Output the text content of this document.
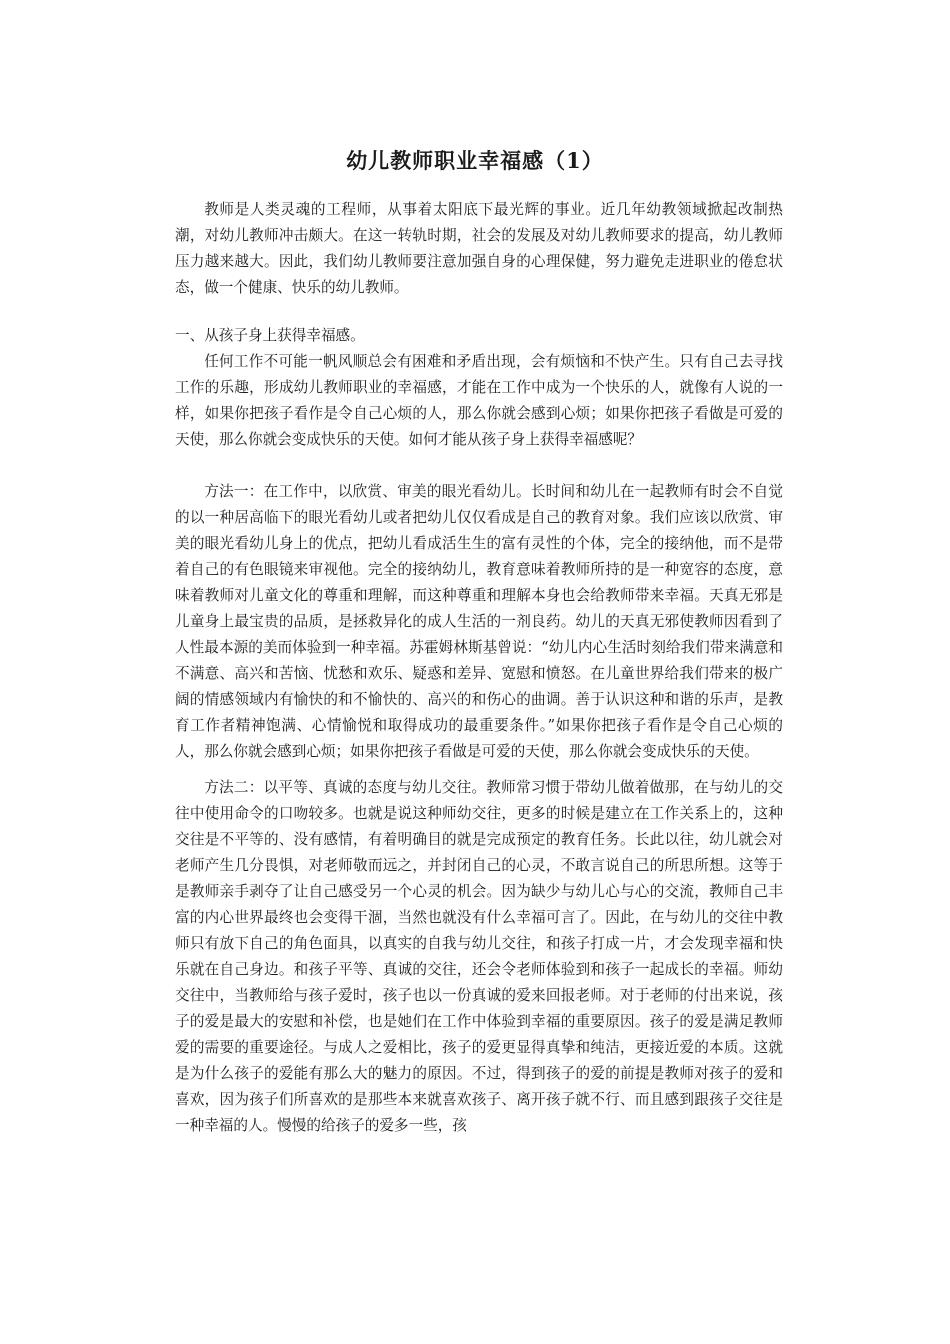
幼儿教师职业幸福感（1）

教师是人类灵魂的工程师，从事着太阳底下最光辉的事业。近几年幼教领域掀起改制热潮，对幼儿教师冲击颇大。在这一转轨时期，社会的发展及对幼儿教师要求的提高，幼儿教师压力越来越大。因此，我们幼儿教师要注意加强自身的心理保健，努力避免走进职业的倦怠状态，做一个健康、快乐的幼儿教师。

一、从孩子身上获得幸福感。

任何工作不可能一帆风顺总会有困难和矛盾出现，会有烦恼和不快产生。只有自己去寻找工作的乐趣，形成幼儿教师职业的幸福感，才能在工作中成为一个快乐的人，就像有人说的一样，如果你把孩子看作是令自己心烦的人，那么你就会感到心烦；如果你把孩子看做是可爱的天使，那么你就会变成快乐的天使。如何才能从孩子身上获得幸福感呢？

方法一：在工作中，以欣赏、审美的眼光看幼儿。长时间和幼儿在一起教师有时会不自觉的以一种居高临下的眼光看幼儿或者把幼儿仅仅看成是自己的教育对象。我们应该以欣赏、审美的眼光看幼儿身上的优点，把幼儿看成活生生的富有灵性的个体，完全的接纳他，而不是带着自己的有色眼镜来审视他。完全的接纳幼儿，教育意味着教师所持的是一种宽容的态度，意味着教师对儿童文化的尊重和理解，而这种尊重和理解本身也会给教师带来幸福。天真无邪是儿童身上最宝贵的品质，是拯救异化的成人生活的一剂良药。幼儿的天真无邪使教师因看到了人性最本源的美而体验到一种幸福。苏霍姆林斯基曾说：“幼儿内心生活时刻给我们带来满意和不满意、高兴和苦恼、忧愁和欢乐、疑惑和差异、宽慰和愤怒。在儿童世界给我们带来的极广阔的情感领域内有愉快的和不愉快的、高兴的和伤心的曲调。善于认识这种和谐的乐声，是教育工作者精神饱满、心情愉悦和取得成功的最重要条件。”如果你把孩子看作是令自己心烦的人，那么你就会感到心烦；如果你把孩子看做是可爱的天使，那么你就会变成快乐的天使。

方法二：以平等、真诚的态度与幼儿交往。教师常习惯于带幼儿做着做那，在与幼儿的交往中使用命令的口吻较多。也就是说这种师幼交往，更多的时候是建立在工作关系上的，这种交往是不平等的、没有感情，有着明确目的就是完成预定的教育任务。长此以往，幼儿就会对老师产生几分畏惧，对老师敬而远之，并封闭自己的心灵，不敢言说自己的所思所想。这等于是教师亲手剥夺了让自己感受另一个心灵的机会。因为缺少与幼儿心与心的交流，教师自己丰富的内心世界最终也会变得干涸，当然也就没有什么幸福可言了。因此，在与幼儿的交往中教师只有放下自己的角色面具，以真实的自我与幼儿交往，和孩子打成一片，才会发现幸福和快乐就在自己身边。和孩子平等、真诚的交往，还会令老师体验到和孩子一起成长的幸福。师幼交往中，当教师给与孩子爱时，孩子也以一份真诚的爱来回报老师。对于老师的付出来说，孩子的爱是最大的安慰和补偿，也是她们在工作中体验到幸福的重要原因。孩子的爱是满足教师爱的需要的重要途径。与成人之爱相比，孩子的爱更显得真挚和纯洁，更接近爱的本质。这就是为什么孩子的爱能有那么大的魅力的原因。不过，得到孩子的爱的前提是教师对孩子的爱和喜欢，因为孩子们所喜欢的是那些本来就喜欢孩子、离开孩子就不行、而且感到跟孩子交往是一种幸福的人。慢慢的给孩子的爱多一些，孩
